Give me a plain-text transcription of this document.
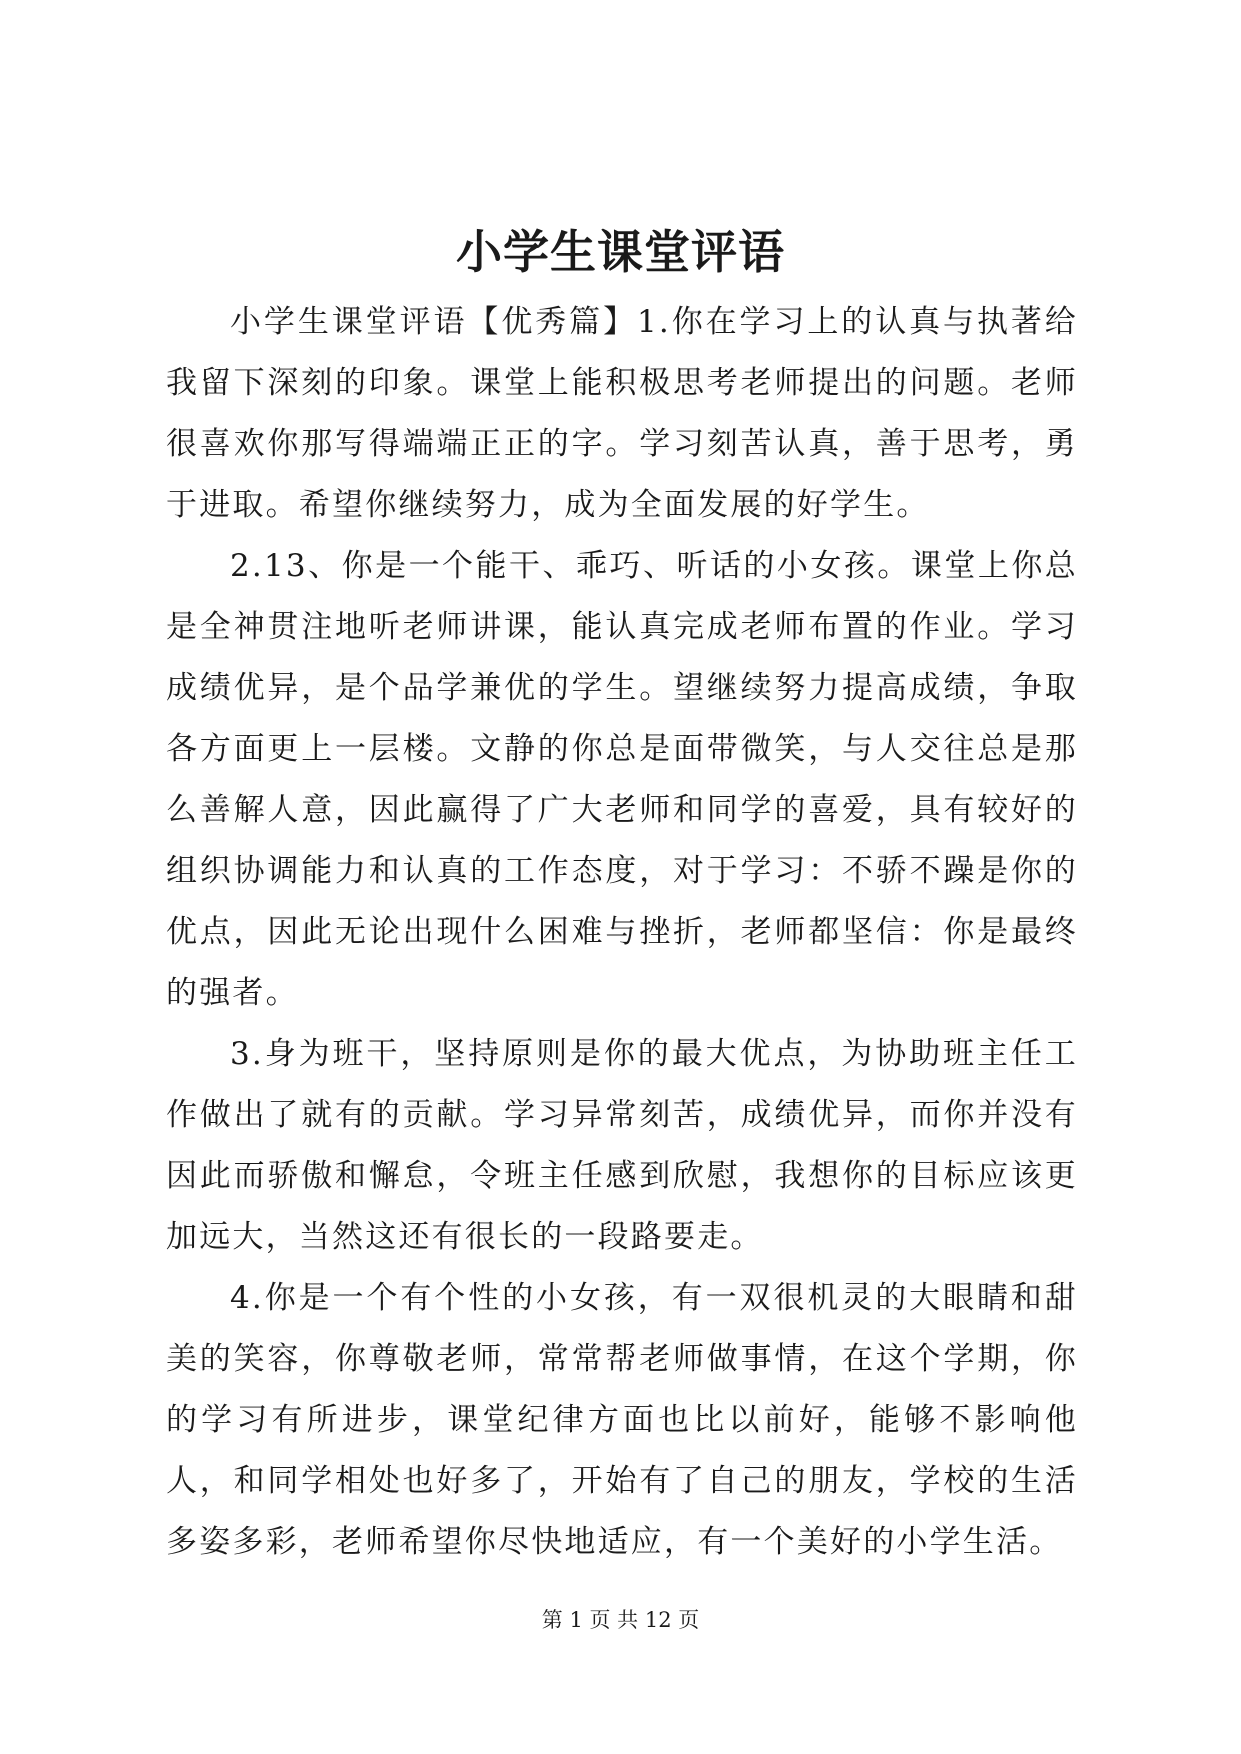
小学生课堂评语

小学生课堂评语【优秀篇】1.你在学习上的认真与执著给我留下深刻的印象。课堂上能积极思考老师提出的问题。老师很喜欢你那写得端端正正的字。学习刻苦认真，善于思考，勇于进取。希望你继续努力，成为全面发展的好学生。

2.13、你是一个能干、乖巧、听话的小女孩。课堂上你总是全神贯注地听老师讲课，能认真完成老师布置的作业。学习成绩优异，是个品学兼优的学生。望继续努力提高成绩，争取各方面更上一层楼。文静的你总是面带微笑，与人交往总是那么善解人意，因此赢得了广大老师和同学的喜爱，具有较好的组织协调能力和认真的工作态度，对于学习：不骄不躁是你的优点，因此无论出现什么困难与挫折，老师都坚信：你是最终的强者。

3.身为班干，坚持原则是你的最大优点，为协助班主任工作做出了就有的贡献。学习异常刻苦，成绩优异，而你并没有因此而骄傲和懈怠，令班主任感到欣慰，我想你的目标应该更加远大，当然这还有很长的一段路要走。

4.你是一个有个性的小女孩，有一双很机灵的大眼睛和甜美的笑容，你尊敬老师，常常帮老师做事情，在这个学期，你的学习有所进步，课堂纪律方面也比以前好，能够不影响他人，和同学相处也好多了，开始有了自己的朋友，学校的生活多姿多彩，老师希望你尽快地适应，有一个美好的小学生活。

第 1 页 共 12 页
